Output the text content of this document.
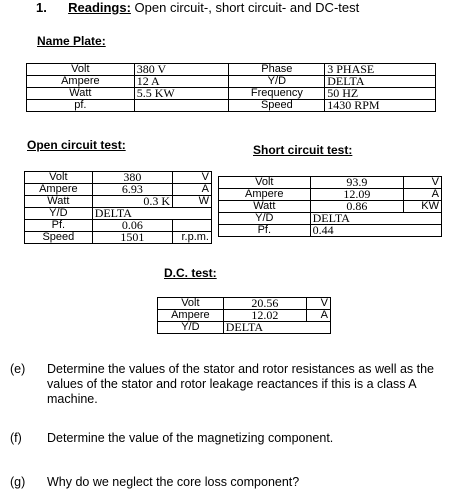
1. Readings: Open circuit-, short circuit- and DC-test
Name Plate:
Volt	380 V	Phase	3 PHASE
Ampere	12 A	Y/D	DELTA
Watt	5.5 KW	Frequency	50 HZ
pf.		Speed	1430 RPM
Open circuit test:
Volt	380	V
Ampere	6.93	A
Watt	0.3 K	W
Y/D	DELTA	
Pf.	0.06	
Speed	1501	r.p.m.
Short circuit test:
Volt	93.9	V
Ampere	12.09	A
Watt	0.86	KW
Y/D	DELTA	
Pf.	0.44	
D.C. test:
Volt	20.56	V
Ampere	12.02	A
Y/D	DELTA	
(e) Determine the values of the stator and rotor resistances as well as the values of the stator and rotor leakage reactances if this is a class A machine.
(f) Determine the value of the magnetizing component.
(g) Why do we neglect the core loss component?
